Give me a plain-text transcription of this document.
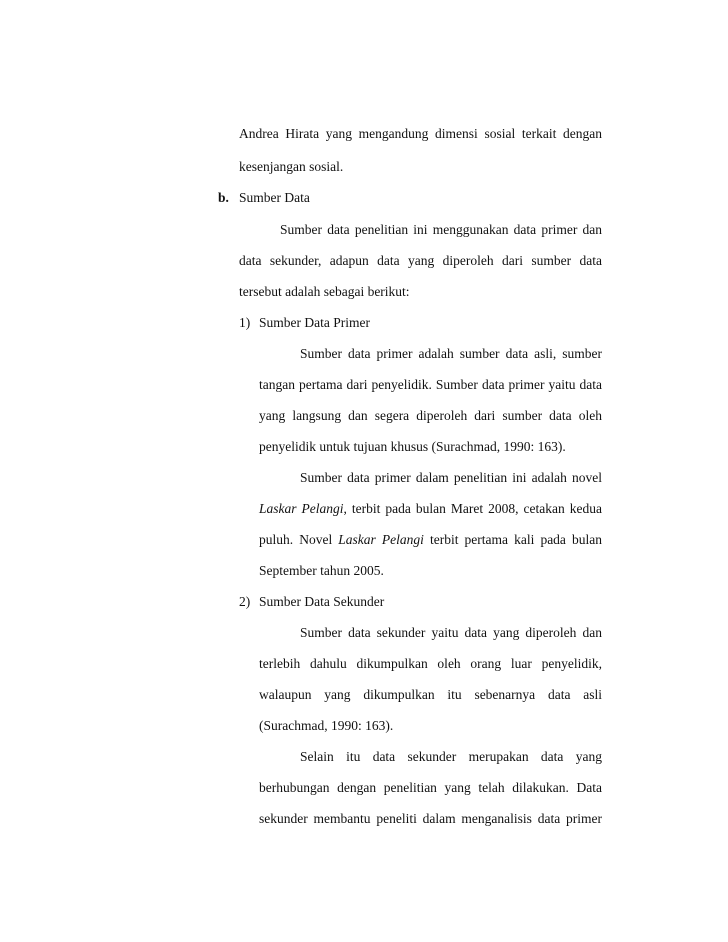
Andrea Hirata yang mengandung dimensi sosial terkait dengan
kesenjangan sosial.
b. Sumber Data
Sumber data penelitian ini menggunakan data primer dan
data sekunder, adapun data yang diperoleh dari sumber data
tersebut adalah sebagai berikut:
1) Sumber Data Primer
Sumber data primer adalah sumber data asli, sumber
tangan pertama dari penyelidik. Sumber data primer yaitu data
yang langsung dan segera diperoleh dari sumber data oleh
penyelidik untuk tujuan khusus (Surachmad, 1990: 163).
Sumber data primer dalam penelitian ini adalah novel
Laskar Pelangi, terbit pada bulan Maret 2008, cetakan kedua
puluh. Novel Laskar Pelangi terbit pertama kali pada bulan
September tahun 2005.
2) Sumber Data Sekunder
Sumber data sekunder yaitu data yang diperoleh dan
terlebih dahulu dikumpulkan oleh orang luar penyelidik,
walaupun yang dikumpulkan itu sebenarnya data asli
(Surachmad, 1990: 163).
Selain itu data sekunder merupakan data yang
berhubungan dengan penelitian yang telah dilakukan. Data
sekunder membantu peneliti dalam menganalisis data primer
